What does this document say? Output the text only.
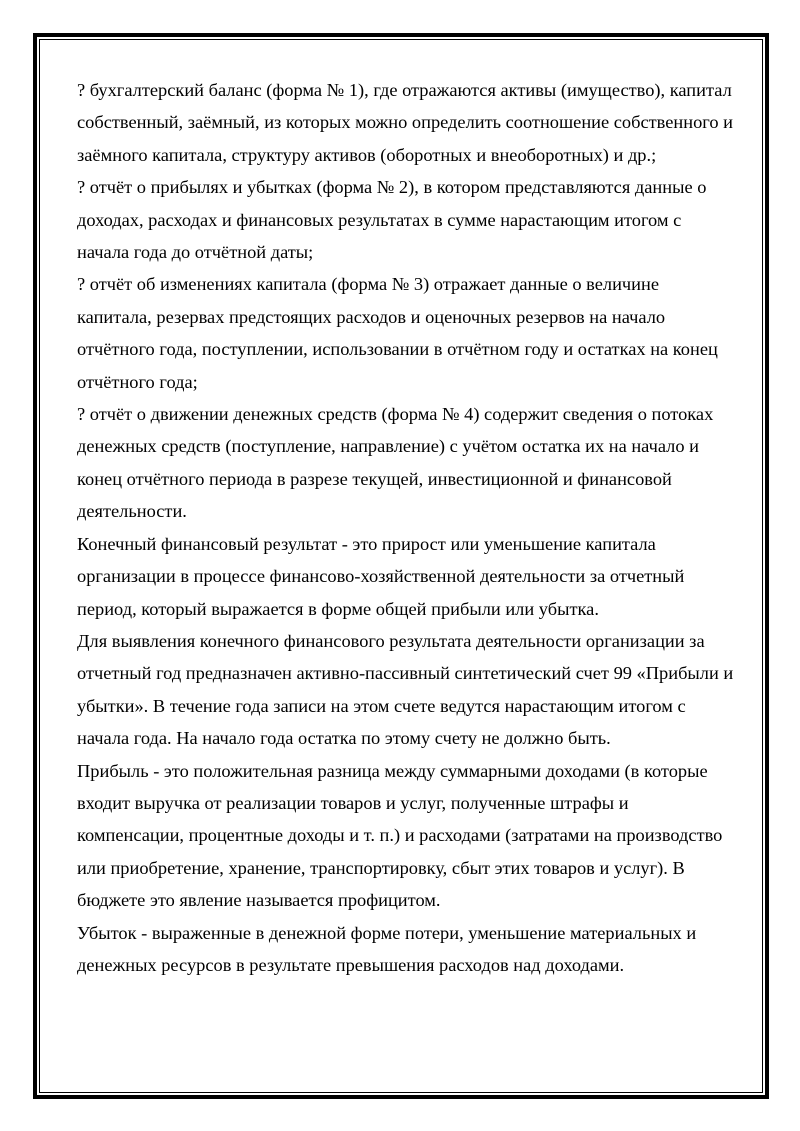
? бухгалтерский баланс (форма № 1), где отражаются активы (имущество), капитал собственный, заёмный, из которых можно определить соотношение собственного и заёмного капитала, структуру активов (оборотных и внеоборотных) и др.;

? отчёт о прибылях и убытках (форма № 2), в котором представляются данные о доходах, расходах и финансовых результатах в сумме нарастающим итогом с начала года до отчётной даты;

? отчёт об изменениях капитала (форма № 3) отражает данные о величине капитала, резервах предстоящих расходов и оценочных резервов на начало отчётного года, поступлении, использовании в отчётном году и остатках на конец отчётного года;

? отчёт о движении денежных средств (форма № 4) содержит сведения о потоках денежных средств (поступление, направление) с учётом остатка их на начало и конец отчётного периода в разрезе текущей, инвестиционной и финансовой деятельности.

Конечный финансовый результат - это прирост или уменьшение капитала организации в процессе финансово-хозяйственной деятельности за отчетный период, который выражается в форме общей прибыли или убытка.

Для выявления конечного финансового результата деятельности организации за отчетный год предназначен активно-пассивный синтетический счет 99 «Прибыли и убытки». В течение года записи на этом счете ведутся нарастающим итогом с начала года. На начало года остатка по этому счету не должно быть.

Прибыль - это положительная разница между суммарными доходами (в которые входит выручка от реализации товаров и услуг, полученные штрафы и компенсации, процентные доходы и т. п.) и расходами (затратами на производство или приобретение, хранение, транспортировку, сбыт этих товаров и услуг). В бюджете это явление называется профицитом.

Убыток - выраженные в денежной форме потери, уменьшение материальных и денежных ресурсов в результате превышения расходов над доходами.
